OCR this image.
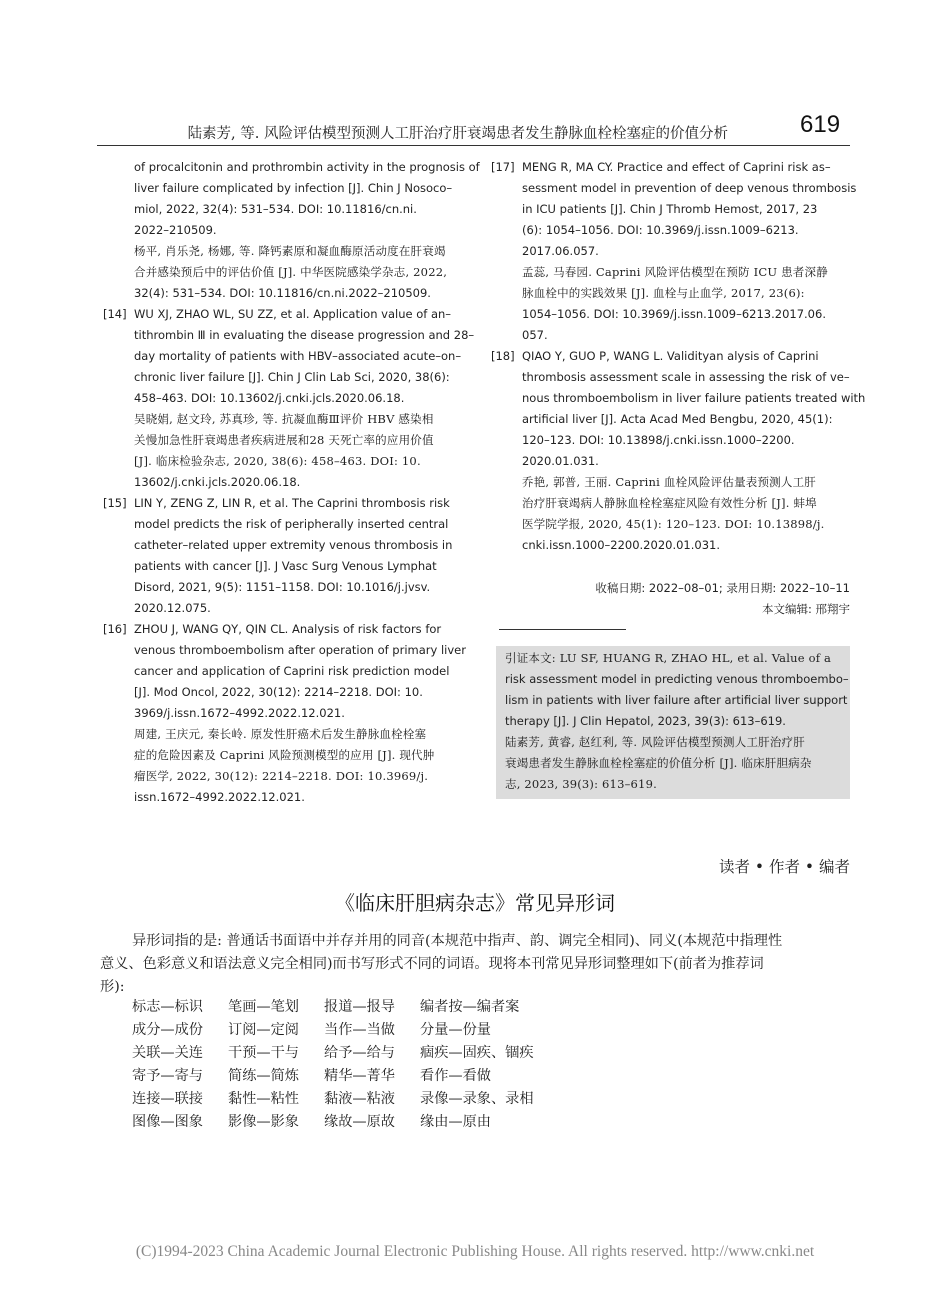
陆素芳, 等. 风险评估模型预测人工肝治疗肝衰竭患者发生静脉血栓栓塞症的价值分析	619
of procalcitonin and prothrombin activity in the prognosis of
liver failure complicated by infection [J]. Chin J Nosoco–
miol, 2022, 32(4): 531–534. DOI: 10.11816/cn.ni.
2022–210509.
杨平, 肖乐尧, 杨娜, 等. 降钙素原和凝血酶原活动度在肝衰竭
合并感染预后中的评估价值 [J]. 中华医院感染学杂志, 2022,
32(4): 531–534. DOI: 10.11816/cn.ni.2022–210509.
[14] WU XJ, ZHAO WL, SU ZZ, et al. Application value of an–
tithrombin Ⅲ in evaluating the disease progression and 28–
day mortality of patients with HBV–associated acute–on–
chronic liver failure [J]. Chin J Clin Lab Sci, 2020, 38(6):
458–463. DOI: 10.13602/j.cnki.jcls.2020.06.18.
吴晓娟, 赵文玲, 苏真珍, 等. 抗凝血酶Ⅲ评价 HBV 感染相
关慢加急性肝衰竭患者疾病进展和28 天死亡率的应用价值
[J]. 临床检验杂志, 2020, 38(6): 458–463. DOI: 10.
13602/j.cnki.jcls.2020.06.18.
[15] LIN Y, ZENG Z, LIN R, et al. The Caprini thrombosis risk
model predicts the risk of peripherally inserted central
catheter–related upper extremity venous thrombosis in
patients with cancer [J]. J Vasc Surg Venous Lymphat
Disord, 2021, 9(5): 1151–1158. DOI: 10.1016/j.jvsv.
2020.12.075.
[16] ZHOU J, WANG QY, QIN CL. Analysis of risk factors for
venous thromboembolism after operation of primary liver
cancer and application of Caprini risk prediction model
[J]. Mod Oncol, 2022, 30(12): 2214–2218. DOI: 10.
3969/j.issn.1672–4992.2022.12.021.
周建, 王庆元, 秦长岭. 原发性肝癌术后发生静脉血栓栓塞
症的危险因素及 Caprini 风险预测模型的应用 [J]. 现代肿
瘤医学, 2022, 30(12): 2214–2218. DOI: 10.3969/j.
issn.1672–4992.2022.12.021.
[17] MENG R, MA CY. Practice and effect of Caprini risk as–
sessment model in prevention of deep venous thrombosis
in ICU patients [J]. Chin J Thromb Hemost, 2017, 23
(6): 1054–1056. DOI: 10.3969/j.issn.1009–6213.
2017.06.057.
孟蕊, 马春园. Caprini 风险评估模型在预防 ICU 患者深静
脉血栓中的实践效果 [J]. 血栓与止血学, 2017, 23(6):
1054–1056. DOI: 10.3969/j.issn.1009–6213.2017.06.
057.
[18] QIAO Y, GUO P, WANG L. Validityan alysis of Caprini
thrombosis assessment scale in assessing the risk of ve–
nous thromboembolism in liver failure patients treated with
artificial liver [J]. Acta Acad Med Bengbu, 2020, 45(1):
120–123. DOI: 10.13898/j.cnki.issn.1000–2200.
2020.01.031.
乔艳, 郭普, 王丽. Caprini 血栓风险评估量表预测人工肝
治疗肝衰竭病人静脉血栓栓塞症风险有效性分析 [J]. 蚌埠
医学院学报, 2020, 45(1): 120–123. DOI: 10.13898/j.
cnki.issn.1000–2200.2020.01.031.
收稿日期: 2022–08–01; 录用日期: 2022–10–11
本文编辑: 邢翔宇
引证本文: LU SF, HUANG R, ZHAO HL, et al. Value of a
risk assessment model in predicting venous thromboembo–
lism in patients with liver failure after artificial liver support
therapy [J]. J Clin Hepatol, 2023, 39(3): 613–619.
陆素芳, 黄睿, 赵红利, 等. 风险评估模型预测人工肝治疗肝
衰竭患者发生静脉血栓栓塞症的价值分析 [J]. 临床肝胆病杂
志, 2023, 39(3): 613–619.
读者 • 作者 • 编者
《临床肝胆病杂志》常见异形词
异形词指的是: 普通话书面语中并存并用的同音(本规范中指声、韵、调完全相同)、同义(本规范中指理性
意义、色彩意义和语法意义完全相同)而书写形式不同的词语。现将本刊常见异形词整理如下(前者为推荐词
形):
标志—标识	笔画—笔划	报道—报导	编者按—编者案
成分—成份	订阅—定阅	当作—当做	分量—份量
关联—关连	干预—干与	给予—给与	痼疾—固疾、锢疾
寄予—寄与	简练—简炼	精华—菁华	看作—看做
连接—联接	黏性—粘性	黏液—粘液	录像—录象、录相
图像—图象	影像—影象	缘故—原故	缘由—原由
(C)1994-2023 China Academic Journal Electronic Publishing House. All rights reserved. http://www.cnki.net
